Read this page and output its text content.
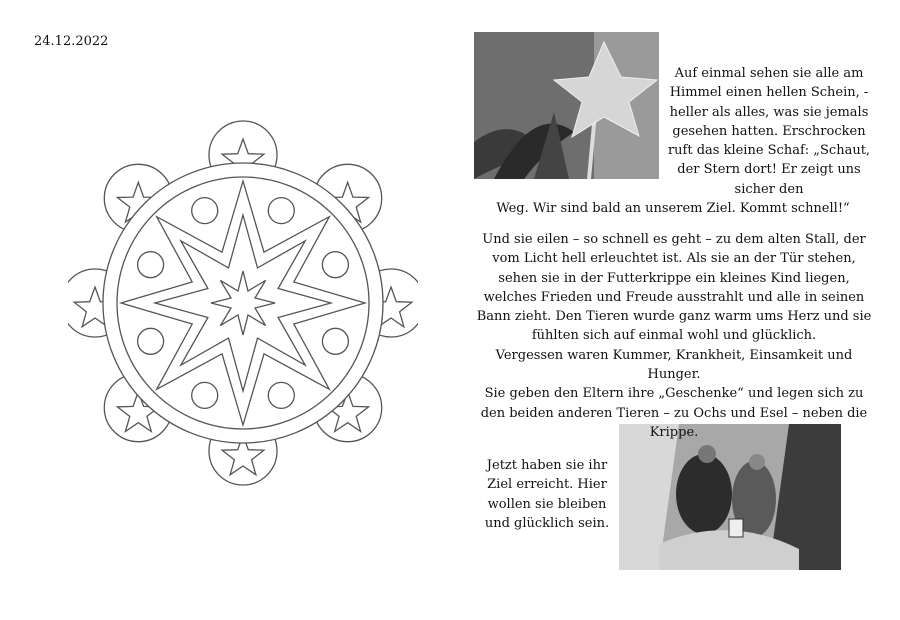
24.12.2022
Auf einmal sehen sie alle am Himmel einen hellen Schein, - heller als alles, was sie jemals gesehen hatten. Erschrocken ruft das kleine Schaf: „Schaut, der Stern dort! Er zeigt uns sicher den
Weg. Wir sind bald an unserem Ziel. Kommt schnell!“

Und sie eilen – so schnell es geht – zu dem alten Stall, der vom Licht hell erleuchtet ist. Als sie an der Tür stehen, sehen sie in der Futterkrippe ein kleines Kind liegen, welches Frieden und Freude ausstrahlt und alle in seinen Bann zieht. Den Tieren wurde ganz warm ums Herz und sie fühlten sich auf einmal wohl und glücklich.

Vergessen waren Kummer, Krankheit, Einsamkeit und Hunger.

Sie geben den Eltern ihre „Geschenke“ und legen sich zu den beiden anderen Tieren – zu Ochs und Esel – neben die Krippe.

Jetzt haben sie ihr Ziel erreicht. Hier wollen sie bleiben und glücklich sein.
